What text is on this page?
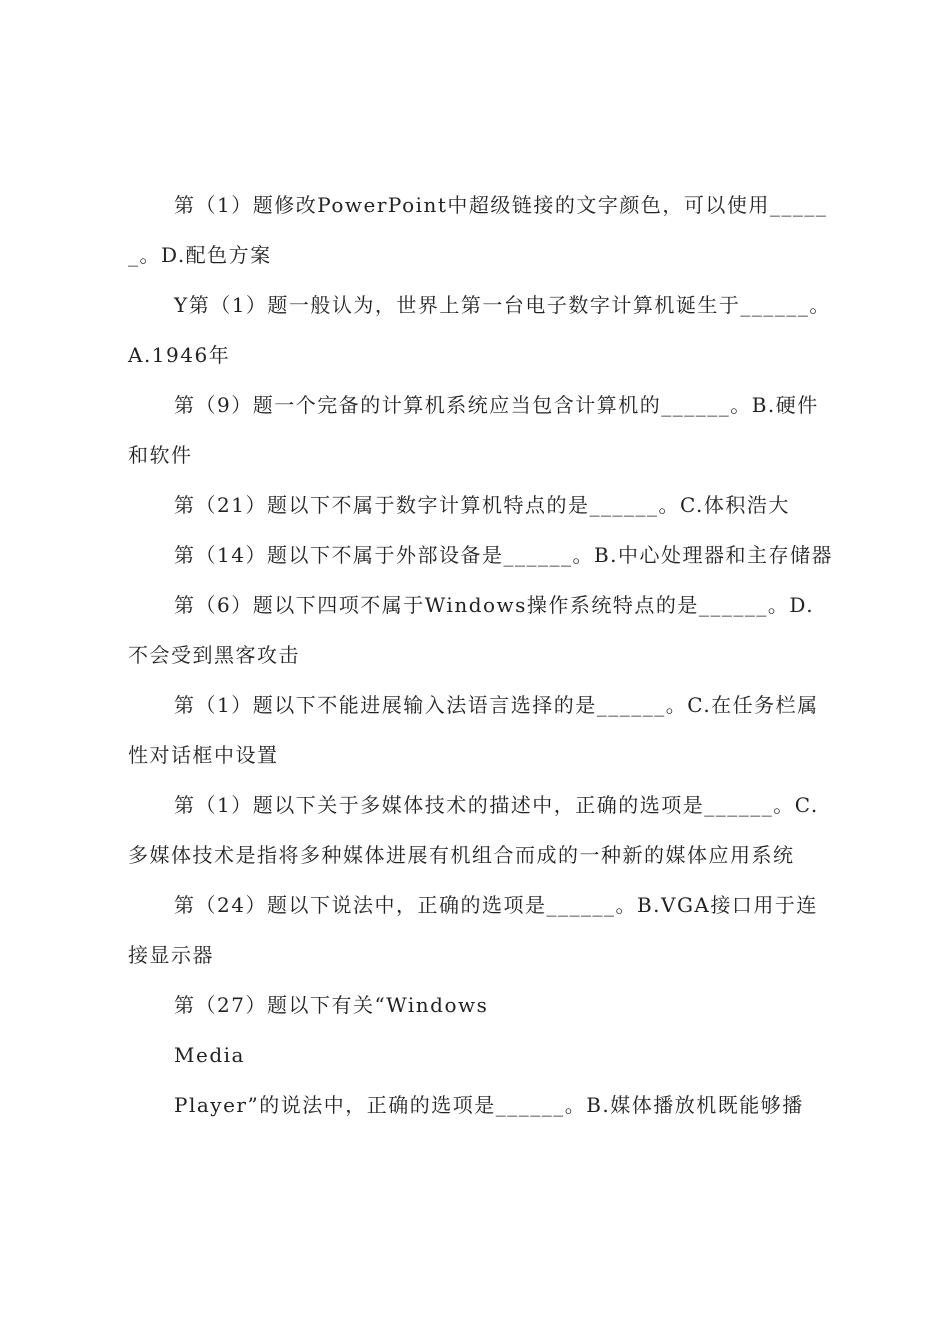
第（1）题修改PowerPoint中超级链接的文字颜色，可以使用______。D.配色方案

Y第（1）题一般认为，世界上第一台电子数字计算机诞生于______。A.1946年

第（9）题一个完备的计算机系统应当包含计算机的______。B.硬件和软件

第（21）题以下不属于数字计算机特点的是______。C.体积浩大

第（14）题以下不属于外部设备是______。B.中心处理器和主存储器

第（6）题以下四项不属于Windows操作系统特点的是______。D.不会受到黑客攻击

第（1）题以下不能进展输入法语言选择的是______。C.在任务栏属性对话框中设置

第（1）题以下关于多媒体技术的描述中，正确的选项是______。C.多媒体技术是指将多种媒体进展有机组合而成的一种新的媒体应用系统

第（24）题以下说法中，正确的选项是______。B.VGA接口用于连接显示器

第（27）题以下有关“Windows

Media

Player”的说法中，正确的选项是______。B.媒体播放机既能够播
